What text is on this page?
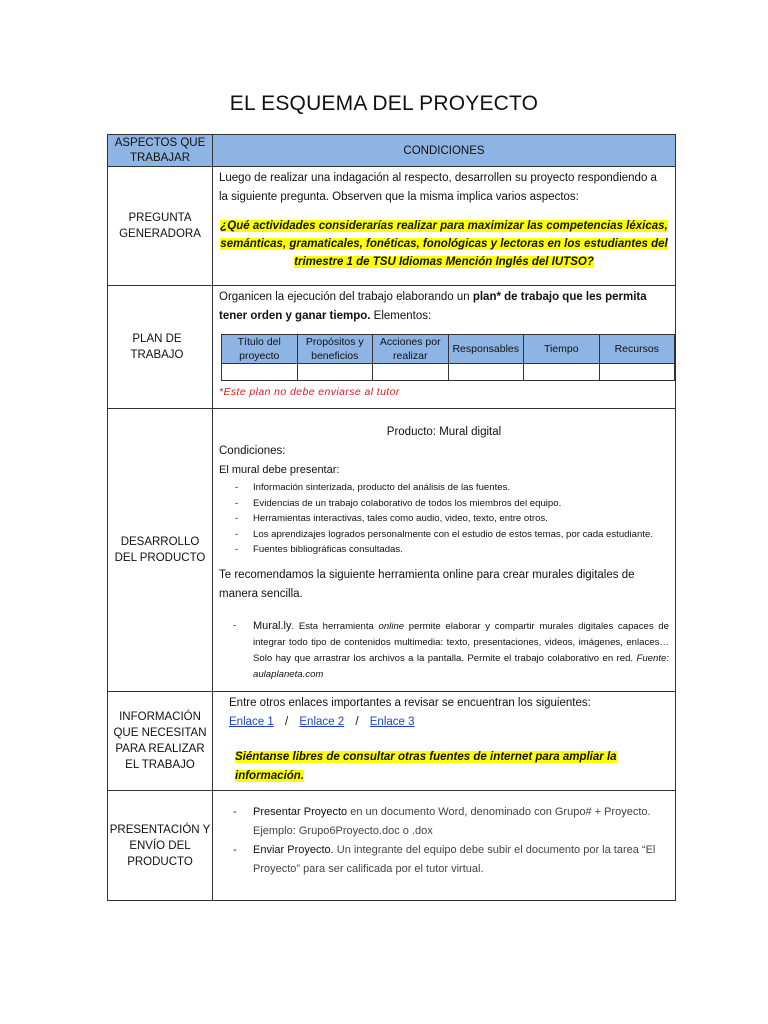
EL ESQUEMA DEL PROYECTO
ASPECTOS QUE TRABAJAR	CONDICIONES
PREGUNTA GENERADORA	
Luego de realizar una indagación al respecto, desarrollen su proyecto respondiendo a la siguiente pregunta. Observen que la misma implica varios aspectos:
¿Qué actividades considerarías realizar para maximizar las competencias léxicas, semánticas, gramaticales, fonéticas, fonológicas y lectoras en los estudiantes del trimestre 1 de TSU Idiomas Mención Inglés del IUTSO?

PLAN DE TRABAJO	
Organicen la ejecución del trabajo elaborando un plan* de trabajo que les permita tener orden y ganar tiempo. Elementos:
Título del proyecto	Propósitos y beneficios	Acciones por realizar	Responsables	Tiempo	Recursos

*Este plan no debe enviarse al tutor

DESARROLLO DEL PRODUCTO	
Producto: Mural digital
Condiciones:
El mural debe presentar:
- Información sinterizada, producto del análisis de las fuentes.
- Evidencias de un trabajo colaborativo de todos los miembros del equipo.
- Herramientas interactivas, tales como audio, video, texto, entre otros.
- Los aprendizajes logrados personalmente con el estudio de estos temas, por cada estudiante.
- Fuentes bibliográficas consultadas.
Te recomendamos la siguiente herramienta online para crear murales digitales de manera sencilla.
- Mural.ly. Esta herramienta online permite elaborar y compartir murales digitales capaces de integrar todo tipo de contenidos multimedia: texto, presentaciones, videos, imágenes, enlaces… Solo hay que arrastrar los archivos a la pantalla. Permite el trabajo colaborativo en red. Fuente: aulaplaneta.com

INFORMACIÓN QUE NECESITAN PARA REALIZAR EL TRABAJO	
Entre otros enlaces importantes a revisar se encuentran los siguientes:
Enlace 1 / Enlace 2 / Enlace 3
Siéntanse libres de consultar otras fuentes de internet para ampliar la información.

PRESENTACIÓN Y ENVÍO DEL PRODUCTO	
- Presentar Proyecto en un documento Word, denominado con Grupo# + Proyecto. Ejemplo: Grupo6Proyecto.doc o .dox
- Enviar Proyecto. Un integrante del equipo debe subir el documento por la tarea “El Proyecto” para ser calificada por el tutor virtual.
